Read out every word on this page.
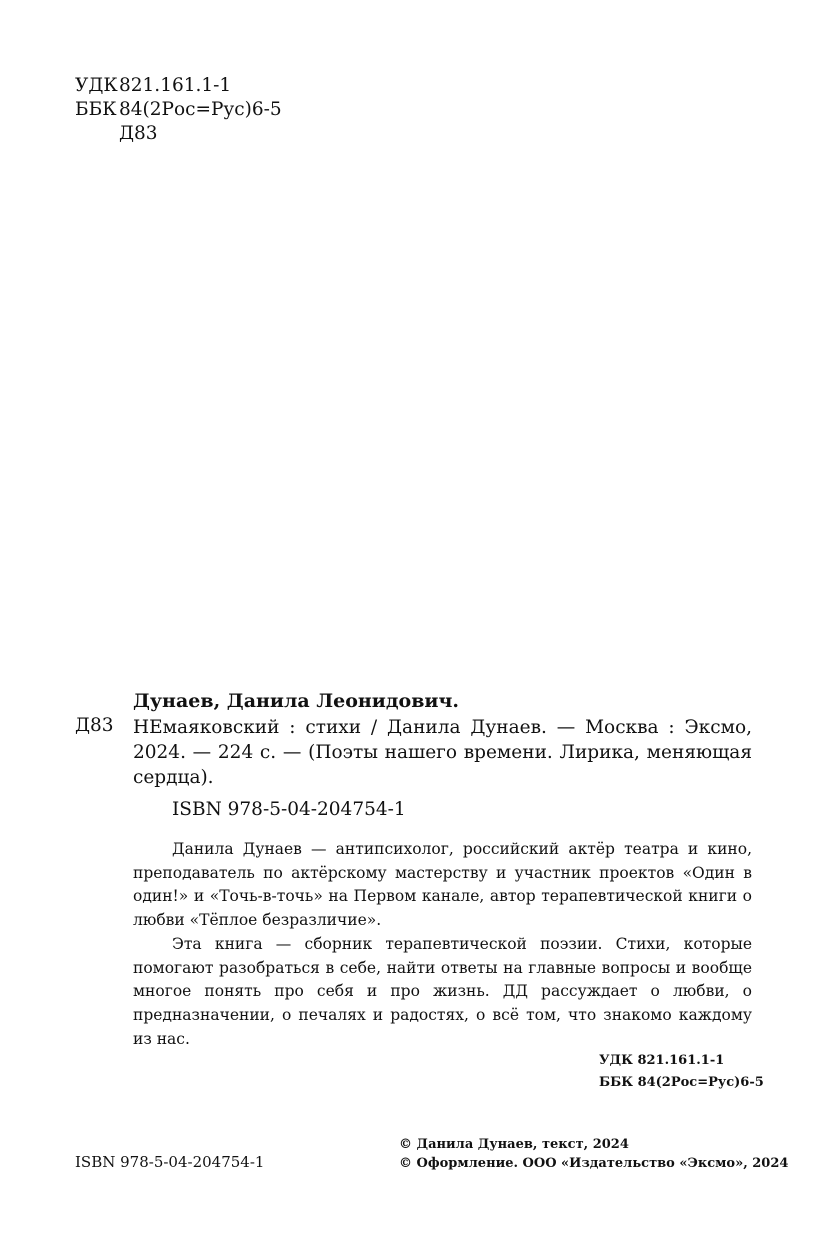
УДК 821.161.1-1
ББК 84(2Рос=Рус)6-5
Д83
Дунаев, Данила Леонидович.
Д83 НЕмаяковский : стихи / Данила Дунаев. — Москва : Эксмо, 2024. — 224 с. — (Поэты нашего времени. Лирика, меняющая сердца).
ISBN 978-5-04-204754-1

Данила Дунаев — антипсихолог, российский актёр театра и кино, преподаватель по актёрскому мастерству и участник проектов «Один в один!» и «Точь-в-точь» на Первом канале, автор терапевтической книги о любви «Тёплое безразличие».

Эта книга — сборник терапевтической поэзии. Стихи, которые помогают разобраться в себе, найти ответы на главные вопросы и вообще многое понять про себя и про жизнь. ДД рассуждает о любви, о предназначении, о печалях и радостях, о всё том, что знакомо каждому из нас.

УДК 821.161.1-1
ББК 84(2Рос=Рус)6-5
© Данила Дунаев, текст, 2024
© Оформление. ООО «Издательство «Эксмо», 2024
ISBN 978-5-04-204754-1
